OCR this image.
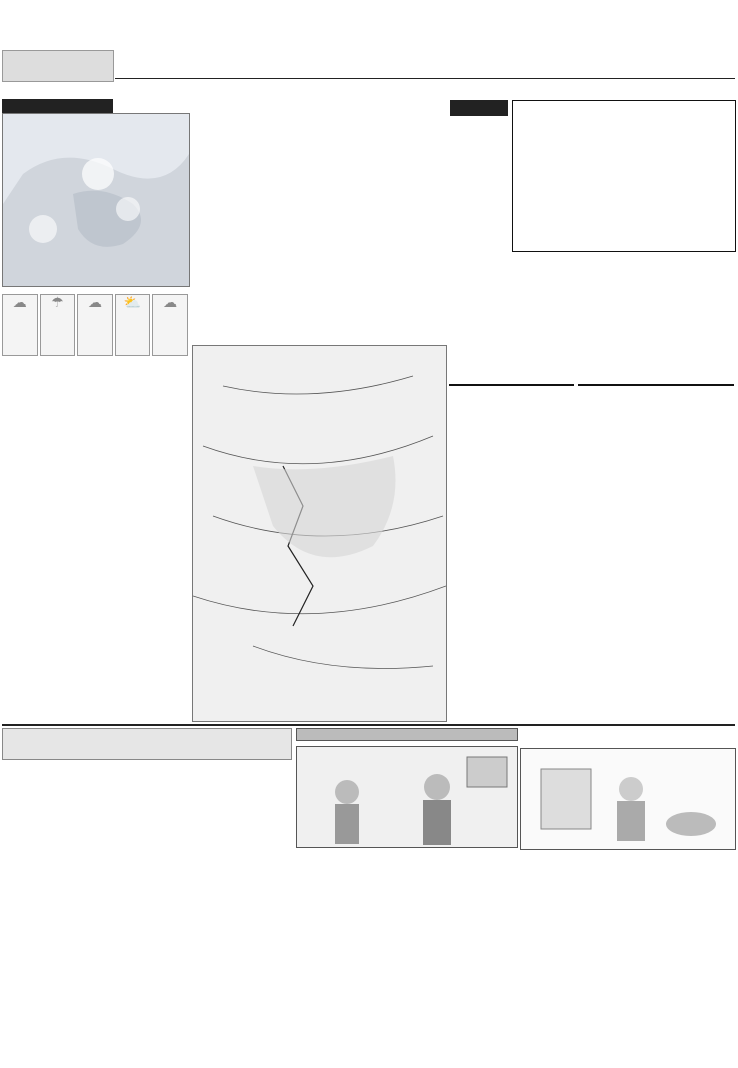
☁	☂	☁	⛅	☁
